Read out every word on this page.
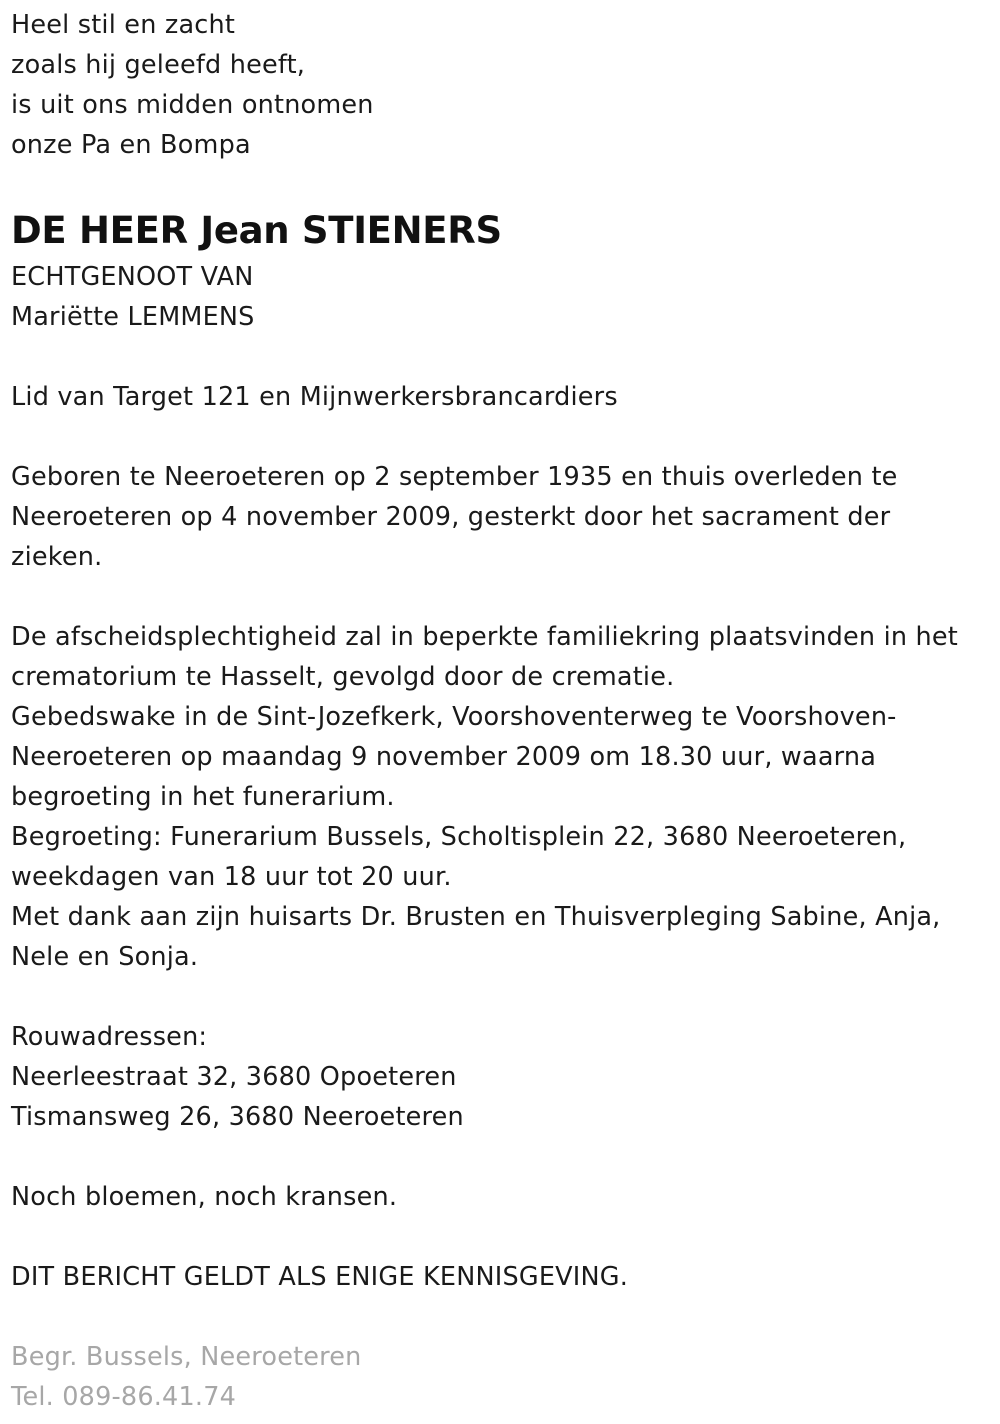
Heel stil en zacht
zoals hij geleefd heeft,
is uit ons midden ontnomen
onze Pa en Bompa
DE HEER Jean STIENERS
ECHTGENOOT VAN
Mariëtte LEMMENS
Lid van Target 121 en Mijnwerkersbrancardiers
Geboren te Neeroeteren op 2 september 1935 en thuis overleden te
Neeroeteren op 4 november 2009, gesterkt door het sacrament der
zieken.
De afscheidsplechtigheid zal in beperkte familiekring plaatsvinden in het
crematorium te Hasselt, gevolgd door de crematie.
Gebedswake in de Sint-Jozefkerk, Voorshoventerweg te Voorshoven-
Neeroeteren op maandag 9 november 2009 om 18.30 uur, waarna
begroeting in het funerarium.
Begroeting: Funerarium Bussels, Scholtisplein 22, 3680 Neeroeteren,
weekdagen van 18 uur tot 20 uur.
Met dank aan zijn huisarts Dr. Brusten en Thuisverpleging Sabine, Anja,
Nele en Sonja.
Rouwadressen:
Neerleestraat 32, 3680 Opoeteren
Tismansweg 26, 3680 Neeroeteren
Noch bloemen, noch kransen.
DIT BERICHT GELDT ALS ENIGE KENNISGEVING.
Begr. Bussels, Neeroeteren
Tel. 089-86.41.74
